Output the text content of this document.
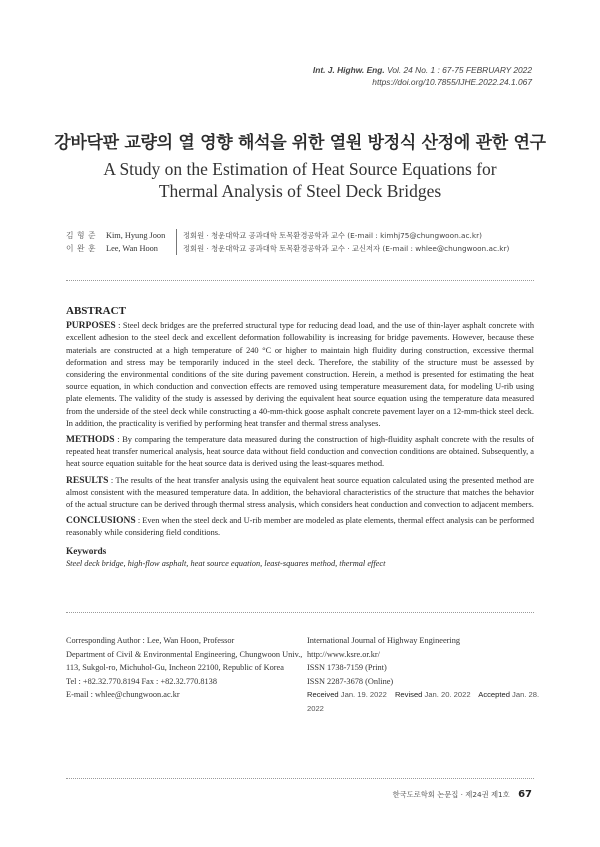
Int. J. Highw. Eng. Vol. 24 No. 1 : 67-75 FEBRUARY 2022
https://doi.org/10.7855/IJHE.2022.24.1.067
강바닥판 교량의 열 영향 해석을 위한 열원 방정식 산정에 관한 연구
A Study on the Estimation of Heat Source Equations for Thermal Analysis of Steel Deck Bridges
김 형 준	Kim, Hyung Joon	정회원 · 청운대학교 공과대학 토목환경공학과 교수 (E-mail : kimhj75@chungwoon.ac.kr)
이 완 훈	Lee, Wan Hoon	정회원 · 청운대학교 공과대학 토목환경공학과 교수 · 교신저자 (E-mail : whlee@chungwoon.ac.kr)
ABSTRACT

PURPOSES : Steel deck bridges are the preferred structural type for reducing dead load, and the use of thin-layer asphalt concrete with excellent adhesion to the steel deck and excellent deformation followability is increasing for bridge pavements. However, because these materials are constructed at a high temperature of 240 °C or higher to maintain high fluidity during construction, excessive thermal deformation and stress may be temporarily induced in the steel deck. Therefore, the stability of the structure must be assessed by considering the environmental conditions of the site during pavement construction. Herein, a method is presented for estimating the heat source equation, in which conduction and convection effects are removed using temperature measurement data, for modeling U-rib using plate elements. The validity of the study is assessed by deriving the equivalent heat source equation using the temperature data measured from the underside of the steel deck while constructing a 40-mm-thick goose asphalt concrete pavement layer on a 12-mm-thick steel deck. In addition, the practicality is verified by performing heat transfer and thermal stress analyses.

METHODS : By comparing the temperature data measured during the construction of high-fluidity asphalt concrete with the results of repeated heat transfer numerical analysis, heat source data without field conduction and convection conditions are obtained. Subsequently, a heat source equation suitable for the heat source data is derived using the least-squares method.

RESULTS : The results of the heat transfer analysis using the equivalent heat source equation calculated using the presented method are almost consistent with the measured temperature data. In addition, the behavioral characteristics of the structure that matches the behavior of the actual structure can be derived through thermal stress analysis, which considers heat conduction and convection to adjacent members.

CONCLUSIONS : Even when the steel deck and U-rib member are modeled as plate elements, thermal effect analysis can be performed reasonably while considering field conditions.

Keywords
Steel deck bridge, high-flow asphalt, heat source equation, least-squares method, thermal effect
Corresponding Author : Lee, Wan Hoon, Professor
Department of Civil & Environmental Engineering, Chungwoon Univ.,
113, Sukgol-ro, Michuhol-Gu, Incheon 22100, Republic of Korea
Tel : +82.32.770.8194 Fax : +82.32.770.8138
E-mail : whlee@chungwoon.ac.kr
International Journal of Highway Engineering
http://www.ksre.or.kr/
ISSN 1738-7159 (Print)
ISSN 2287-3678 (Online)
Received Jan. 19. 2022 Revised Jan. 20. 2022 Accepted Jan. 28. 2022
한국도로학회 논문집 · 제24권 제1호 67
